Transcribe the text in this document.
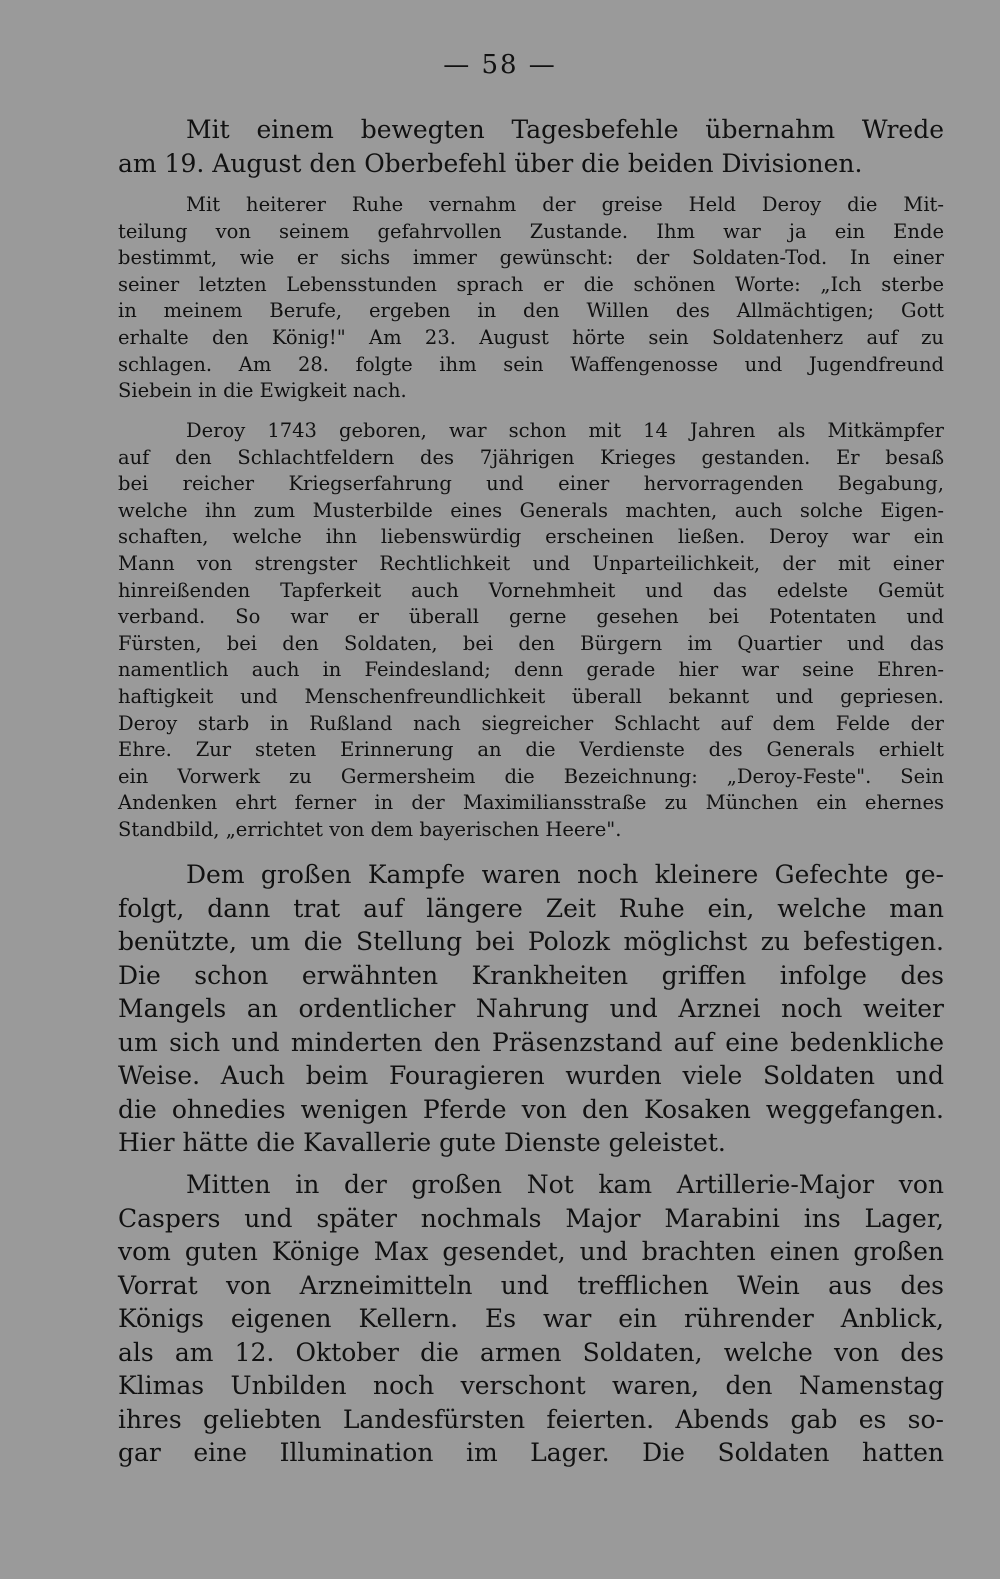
— 58 —
Mit einem bewegten Tagesbefehle übernahm Wrede
am 19. August den Oberbefehl über die beiden Divisionen.
Mit heiterer Ruhe vernahm der greise Held Deroy die Mit-
teilung von seinem gefahrvollen Zustande. Ihm war ja ein Ende
bestimmt, wie er sichs immer gewünscht: der Soldaten-Tod. In einer
seiner letzten Lebensstunden sprach er die schönen Worte: „Ich sterbe
in meinem Berufe, ergeben in den Willen des Allmächtigen; Gott
erhalte den König!" Am 23. August hörte sein Soldatenherz auf zu
schlagen. Am 28. folgte ihm sein Waffengenosse und Jugendfreund
Siebein in die Ewigkeit nach.
Deroy 1743 geboren, war schon mit 14 Jahren als Mitkämpfer
auf den Schlachtfeldern des 7jährigen Krieges gestanden. Er besaß
bei reicher Kriegserfahrung und einer hervorragenden Begabung,
welche ihn zum Musterbilde eines Generals machten, auch solche Eigen-
schaften, welche ihn liebenswürdig erscheinen ließen. Deroy war ein
Mann von strengster Rechtlichkeit und Unparteilichkeit, der mit einer
hinreißenden Tapferkeit auch Vornehmheit und das edelste Gemüt
verband. So war er überall gerne gesehen bei Potentaten und
Fürsten, bei den Soldaten, bei den Bürgern im Quartier und das
namentlich auch in Feindesland; denn gerade hier war seine Ehren-
haftigkeit und Menschenfreundlichkeit überall bekannt und gepriesen.
Deroy starb in Rußland nach siegreicher Schlacht auf dem Felde der
Ehre. Zur steten Erinnerung an die Verdienste des Generals erhielt
ein Vorwerk zu Germersheim die Bezeichnung: „Deroy-Feste". Sein
Andenken ehrt ferner in der Maximiliansstraße zu München ein ehernes
Standbild, „errichtet von dem bayerischen Heere".
Dem großen Kampfe waren noch kleinere Gefechte ge-
folgt, dann trat auf längere Zeit Ruhe ein, welche man
benützte, um die Stellung bei Polozk möglichst zu befestigen.
Die schon erwähnten Krankheiten griffen infolge des
Mangels an ordentlicher Nahrung und Arznei noch weiter
um sich und minderten den Präsenzstand auf eine bedenkliche
Weise. Auch beim Fouragieren wurden viele Soldaten und
die ohnedies wenigen Pferde von den Kosaken weggefangen.
Hier hätte die Kavallerie gute Dienste geleistet.
Mitten in der großen Not kam Artillerie-Major von
Caspers und später nochmals Major Marabini ins Lager,
vom guten Könige Max gesendet, und brachten einen großen
Vorrat von Arzneimitteln und trefflichen Wein aus des
Königs eigenen Kellern. Es war ein rührender Anblick,
als am 12. Oktober die armen Soldaten, welche von des
Klimas Unbilden noch verschont waren, den Namenstag
ihres geliebten Landesfürsten feierten. Abends gab es so-
gar eine Illumination im Lager. Die Soldaten hatten
